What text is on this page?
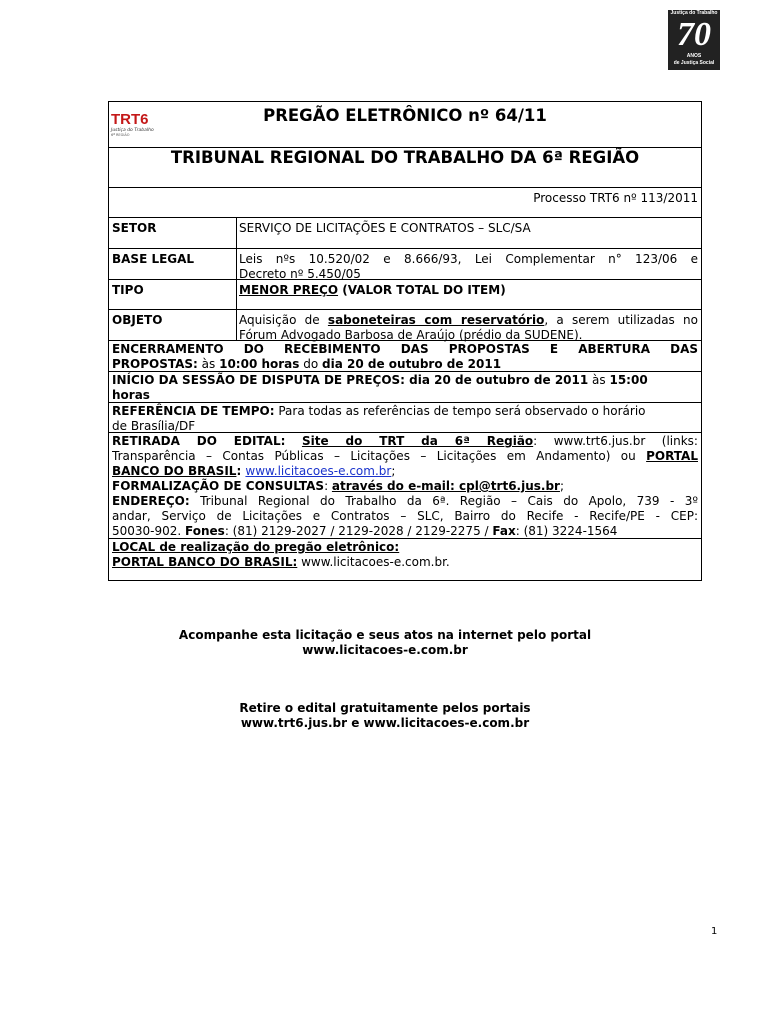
Justiça do Trabalho
70
ANOS
de Justiça Social
TRT6
Justiça do Trabalho
6ª REGIÃO
PREGÃO ELETRÔNICO nº 64/11
TRIBUNAL REGIONAL DO TRABALHO DA 6ª REGIÃO
Processo TRT6 nº 113/2011
SETOR	SERVIÇO DE LICITAÇÕES E CONTRATOS – SLC/SA
BASE LEGAL	Leis nºs 10.520/02 e 8.666/93, Lei Complementar n° 123/06 e
Decreto nº 5.450/05
TIPO	MENOR PREÇO (VALOR TOTAL DO ITEM)
OBJETO	Aquisição de saboneteiras com reservatório, a serem utilizadas no
Fórum Advogado Barbosa de Araújo (prédio da SUDENE).
ENCERRAMENTO DO RECEBIMENTO DAS PROPOSTAS E ABERTURA DAS
PROPOSTAS: às 10:00 horas do dia 20 de outubro de 2011
INÍCIO DA SESSÃO DE DISPUTA DE PREÇOS: dia 20 de outubro de 2011 às 15:00
horas
REFERÊNCIA DE TEMPO: Para todas as referências de tempo será observado o horário
de Brasília/DF
RETIRADA DO EDITAL: Site do TRT da 6ª Região: www.trt6.jus.br (links:
Transparência – Contas Públicas – Licitações – Licitações em Andamento) ou PORTAL
BANCO DO BRASIL: www.licitacoes-e.com.br;
FORMALIZAÇÃO DE CONSULTAS: através do e-mail: cpl@trt6.jus.br;
ENDEREÇO: Tribunal Regional do Trabalho da 6ª. Região – Cais do Apolo, 739 - 3º
andar, Serviço de Licitações e Contratos – SLC, Bairro do Recife - Recife/PE - CEP:
50030-902. Fones: (81) 2129-2027 / 2129-2028 / 2129-2275 / Fax: (81) 3224-1564
LOCAL de realização do pregão eletrônico:
PORTAL BANCO DO BRASIL: www.licitacoes-e.com.br.
Acompanhe esta licitação e seus atos na internet pelo portal
www.licitacoes-e.com.br
Retire o edital gratuitamente pelos portais
www.trt6.jus.br e www.licitacoes-e.com.br
1
